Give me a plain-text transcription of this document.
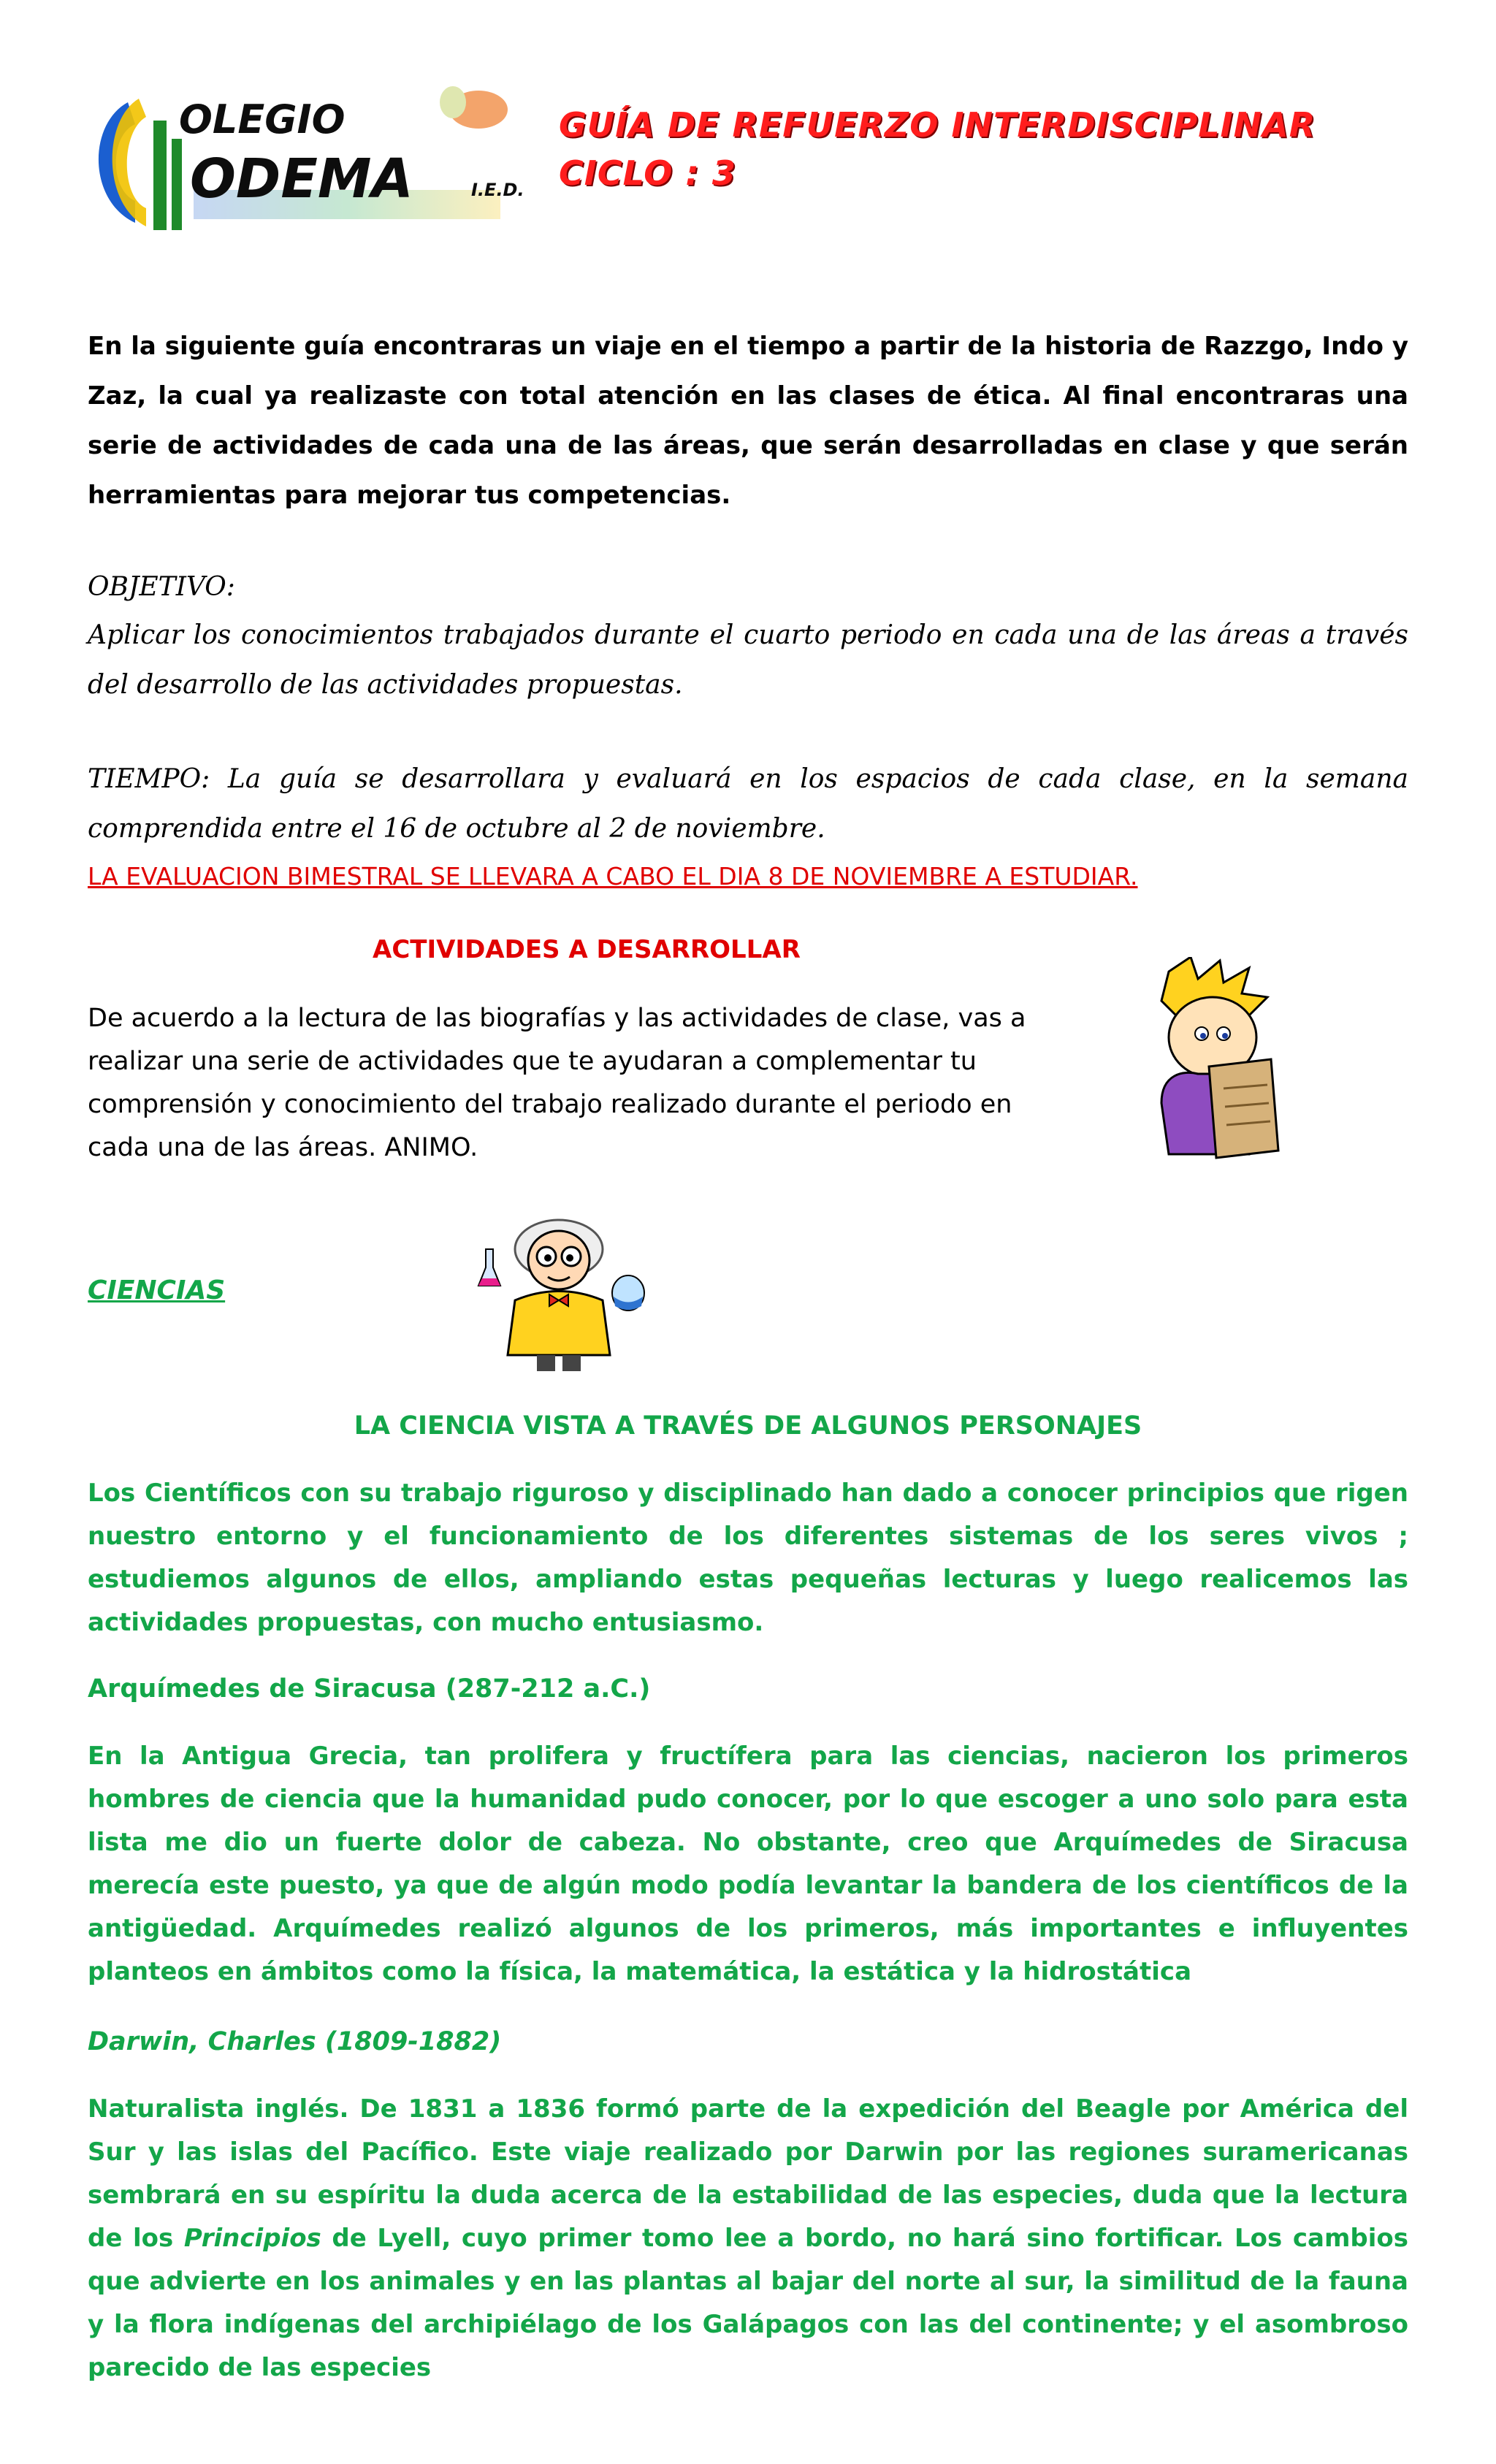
OLEGIO
ODEMA	I.E.D.
GUÍA DE REFUERZO INTERDISCIPLINAR
CICLO : 3
En la siguiente guía encontraras un viaje en el tiempo a partir de la historia de Razzgo, Indo y Zaz, la cual ya realizaste con total atención en las clases de ética. Al final encontraras una serie de actividades de cada una de las áreas, que serán desarrolladas en clase y que serán herramientas para mejorar tus competencias.
OBJETIVO:
Aplicar los conocimientos trabajados durante el cuarto periodo en cada una de las áreas a través del desarrollo de las actividades propuestas.
TIEMPO: La guía se desarrollara y evaluará en los espacios de cada clase, en la semana comprendida entre el 16 de octubre al 2 de noviembre.
LA EVALUACION BIMESTRAL SE LLEVARA A CABO EL DIA 8 DE NOVIEMBRE A ESTUDIAR.
ACTIVIDADES A DESARROLLAR
De acuerdo a la lectura de las biografías y las actividades de clase, vas a realizar una serie de actividades que te ayudaran a complementar tu comprensión y conocimiento del trabajo realizado durante el periodo en cada una de las áreas. ANIMO.
CIENCIAS
LA CIENCIA VISTA A TRAVÉS DE ALGUNOS PERSONAJES
Los Científicos con su trabajo riguroso y disciplinado han dado a conocer principios que rigen nuestro entorno y el funcionamiento de los diferentes sistemas de los seres vivos ; estudiemos algunos de ellos, ampliando estas pequeñas lecturas y luego realicemos las actividades propuestas, con mucho entusiasmo.
Arquímedes de Siracusa (287-212 a.C.)
En la Antigua Grecia, tan prolifera y fructífera para las ciencias, nacieron los primeros hombres de ciencia que la humanidad pudo conocer, por lo que escoger a uno solo para esta lista me dio un fuerte dolor de cabeza. No obstante, creo que Arquímedes de Siracusa merecía este puesto, ya que de algún modo podía levantar la bandera de los científicos de la antigüedad. Arquímedes realizó algunos de los primeros, más importantes e influyentes planteos en ámbitos como la física, la matemática, la estática y la hidrostática
Darwin, Charles (1809-1882)
Naturalista inglés. De 1831 a 1836 formó parte de la expedición del Beagle por América del Sur y las islas del Pacífico. Este viaje realizado por Darwin por las regiones suramericanas sembrará en su espíritu la duda acerca de la estabilidad de las especies, duda que la lectura de los Principios de Lyell, cuyo primer tomo lee a bordo, no hará sino fortificar. Los cambios que advierte en los animales y en las plantas al bajar del norte al sur, la similitud de la fauna y la flora indígenas del archipiélago de los Galápagos con las del continente; y el asombroso parecido de las especies
